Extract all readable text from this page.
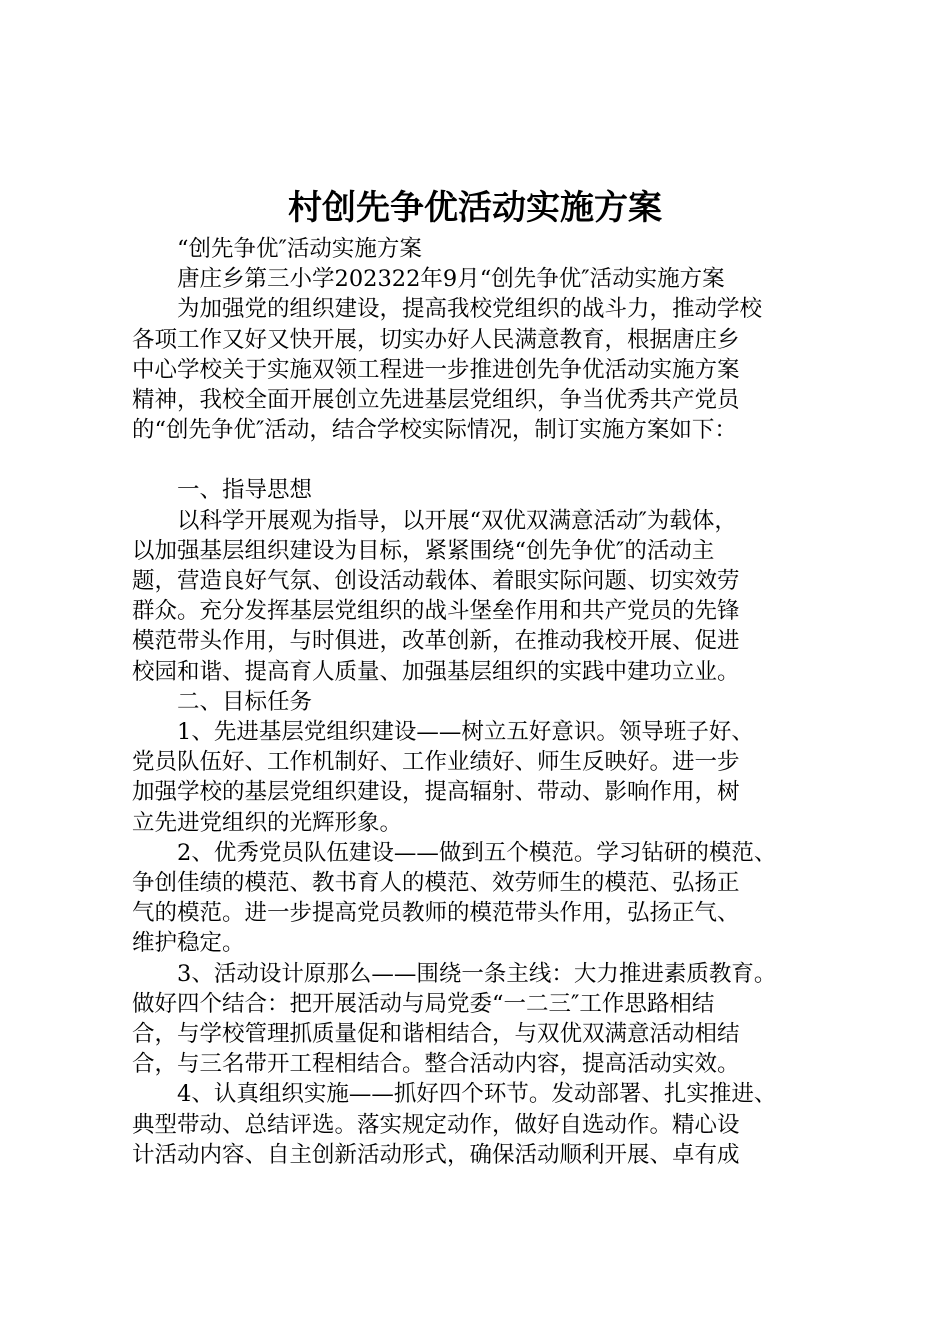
村创先争优活动实施方案

“创先争优″活动实施方案

唐庄乡第三小学202322年9月“创先争优″活动实施方案

为加强党的组织建设，提高我校党组织的战斗力，推动学校
各项工作又好又快开展，切实办好人民满意教育，根据唐庄乡
中心学校关于实施双领工程进一步推进创先争优活动实施方案
精神，我校全面开展创立先进基层党组织，争当优秀共产党员
的“创先争优″活动，结合学校实际情况，制订实施方案如下：

一、指导思想

以科学开展观为指导，以开展“双优双满意活动″为载体，
以加强基层组织建设为目标，紧紧围绕“创先争优″的活动主
题，营造良好气氛、创设活动载体、着眼实际问题、切实效劳
群众。充分发挥基层党组织的战斗堡垒作用和共产党员的先锋
模范带头作用，与时俱进，改革创新，在推动我校开展、促进
校园和谐、提高育人质量、加强基层组织的实践中建功立业。

二、目标任务

1、先进基层党组织建设——树立五好意识。领导班子好、
党员队伍好、工作机制好、工作业绩好、师生反映好。进一步
加强学校的基层党组织建设，提高辐射、带动、影响作用，树
立先进党组织的光辉形象。

2、优秀党员队伍建设——做到五个模范。学习钻研的模范、
争创佳绩的模范、教书育人的模范、效劳师生的模范、弘扬正
气的模范。进一步提高党员教师的模范带头作用，弘扬正气、
维护稳定。

3、活动设计原那么——围绕一条主线：大力推进素质教育。
做好四个结合：把开展活动与局党委“一二三″工作思路相结
合，与学校管理抓质量促和谐相结合，与双优双满意活动相结
合，与三名带开工程相结合。整合活动内容，提高活动实效。

4、认真组织实施——抓好四个环节。发动部署、扎实推进、
典型带动、总结评选。落实规定动作，做好自选动作。精心设
计活动内容、自主创新活动形式，确保活动顺利开展、卓有成
